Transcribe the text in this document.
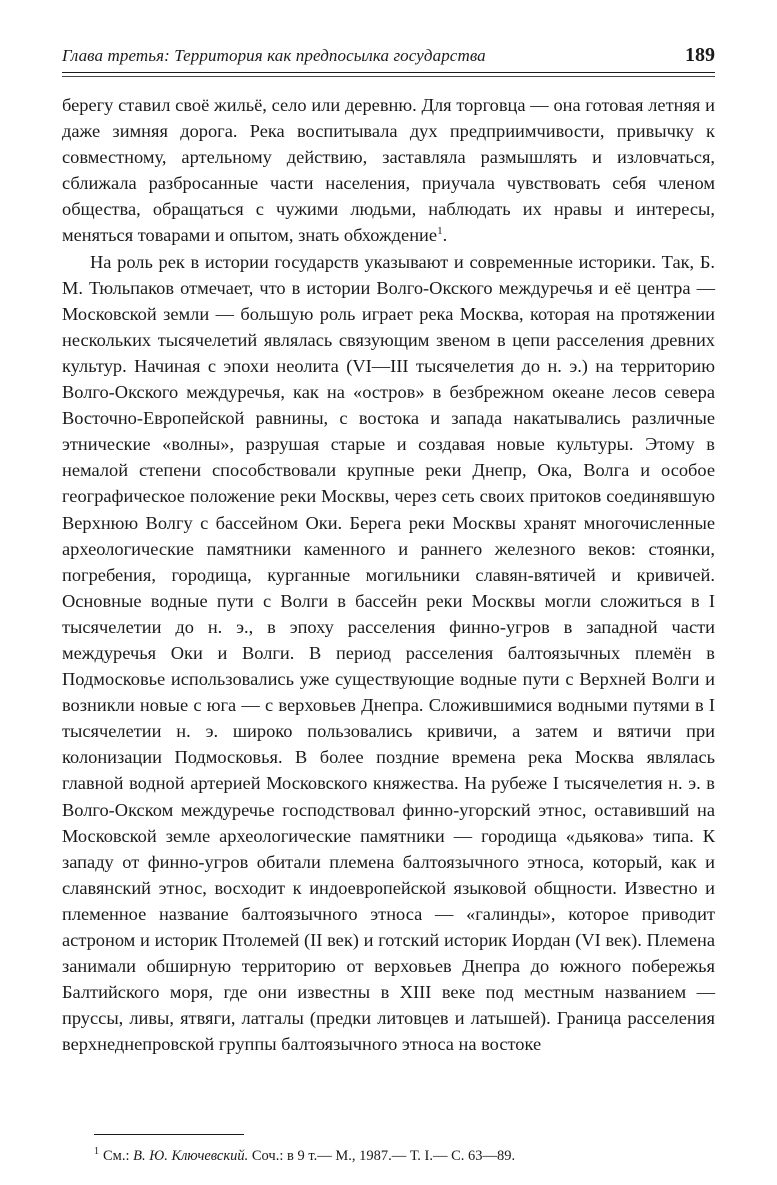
Глава третья: Территория как предпосылка государства	189

берегу ставил своё жильё, село или деревню. Для торговца — она готовая летняя и даже зимняя дорога. Река воспитывала дух предприимчивости, привычку к совместному, артельному действию, заставляла размышлять и изловчаться, сближала разбросанные части населения, приучала чувствовать себя членом общества, обращаться с чужими людьми, наблюдать их нравы и интересы, меняться товарами и опытом, знать обхождение$^1$.

На роль рек в истории государств указывают и современные историки. Так, Б. М. Тюльпаков отмечает, что в истории Волго-Окского междуречья и её центра — Московской земли — большую роль играет река Москва, которая на протяжении нескольких тысячелетий являлась связующим звеном в цепи расселения древних культур. Начиная с эпохи неолита (VI—III тысячелетия до н. э.) на территорию Волго-Окского междуречья, как на «остров» в безбрежном океане лесов севера Восточно-Европейской равнины, с востока и запада накатывались различные этнические «волны», разрушая старые и создавая новые культуры. Этому в немалой степени способствовали крупные реки Днепр, Ока, Волга и особое географическое положение реки Москвы, через сеть своих притоков соединявшую Верхнюю Волгу с бассейном Оки. Берега реки Москвы хранят многочисленные археологические памятники каменного и раннего железного веков: стоянки, погребения, городища, курганные могильники славян-вятичей и кривичей. Основные водные пути с Волги в бассейн реки Москвы могли сложиться в I тысячелетии до н. э., в эпоху расселения финно-угров в западной части междуречья Оки и Волги. В период расселения балтоязычных племён в Подмосковье использовались уже существующие водные пути с Верхней Волги и возникли новые с юга — с верховьев Днепра. Сложившимися водными путями в I тысячелетии н. э. широко пользовались кривичи, а затем и вятичи при колонизации Подмосковья. В более поздние времена река Москва являлась главной водной артерией Московского княжества. На рубеже I тысячелетия н. э. в Волго-Окском междуречье господствовал финно-угорский этнос, оставивший на Московской земле археологические памятники — городища «дьякова» типа. К западу от финно-угров обитали племена балтоязычного этноса, который, как и славянский этнос, восходит к индоевропейской языковой общности. Известно и племенное название балтоязычного этноса — «галинды», которое приводит астроном и историк Птолемей (II век) и готский историк Иордан (VI век). Племена занимали обширную территорию от верховьев Днепра до южного побережья Балтийского моря, где они известны в XIII веке под местным названием — пруссы, ливы, ятвяги, латгалы (предки литовцев и латышей). Граница расселения верхнеднепровской группы балтоязычного этноса на востоке

$^1$ См.: В. Ю. Ключевский. Соч.: в 9 т.— М., 1987.— Т. I.— С. 63—89.
